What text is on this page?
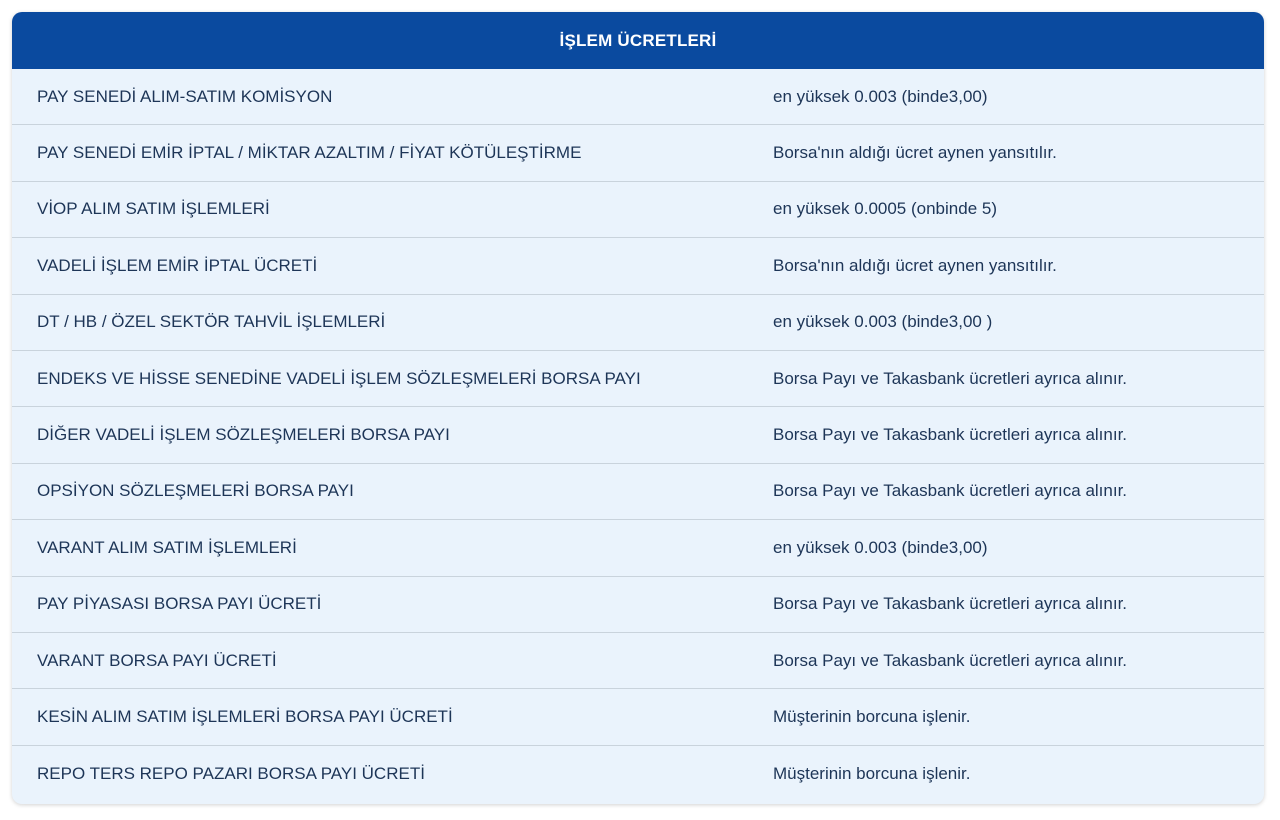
İŞLEM ÜCRETLERİ
PAY SENEDİ ALIM-SATIM KOMİSYON	en yüksek 0.003 (binde3,00)
PAY SENEDİ EMİR İPTAL / MİKTAR AZALTIM / FİYAT KÖTÜLEŞTİRME	Borsa'nın aldığı ücret aynen yansıtılır.
VİOP ALIM SATIM İŞLEMLERİ	en yüksek 0.0005 (onbinde 5)
VADELİ İŞLEM EMİR İPTAL ÜCRETİ	Borsa'nın aldığı ücret aynen yansıtılır.
DT / HB / ÖZEL SEKTÖR TAHVİL İŞLEMLERİ	en yüksek 0.003 (binde3,00 )
ENDEKS VE HİSSE SENEDİNE VADELİ İŞLEM SÖZLEŞMELERİ BORSA PAYI	Borsa Payı ve Takasbank ücretleri ayrıca alınır.
DİĞER VADELİ İŞLEM SÖZLEŞMELERİ BORSA PAYI	Borsa Payı ve Takasbank ücretleri ayrıca alınır.
OPSİYON SÖZLEŞMELERİ BORSA PAYI	Borsa Payı ve Takasbank ücretleri ayrıca alınır.
VARANT ALIM SATIM İŞLEMLERİ	en yüksek 0.003 (binde3,00)
PAY PİYASASI BORSA PAYI ÜCRETİ	Borsa Payı ve Takasbank ücretleri ayrıca alınır.
VARANT BORSA PAYI ÜCRETİ	Borsa Payı ve Takasbank ücretleri ayrıca alınır.
KESİN ALIM SATIM İŞLEMLERİ BORSA PAYI ÜCRETİ	Müşterinin borcuna işlenir.
REPO TERS REPO PAZARI BORSA PAYI ÜCRETİ	Müşterinin borcuna işlenir.
